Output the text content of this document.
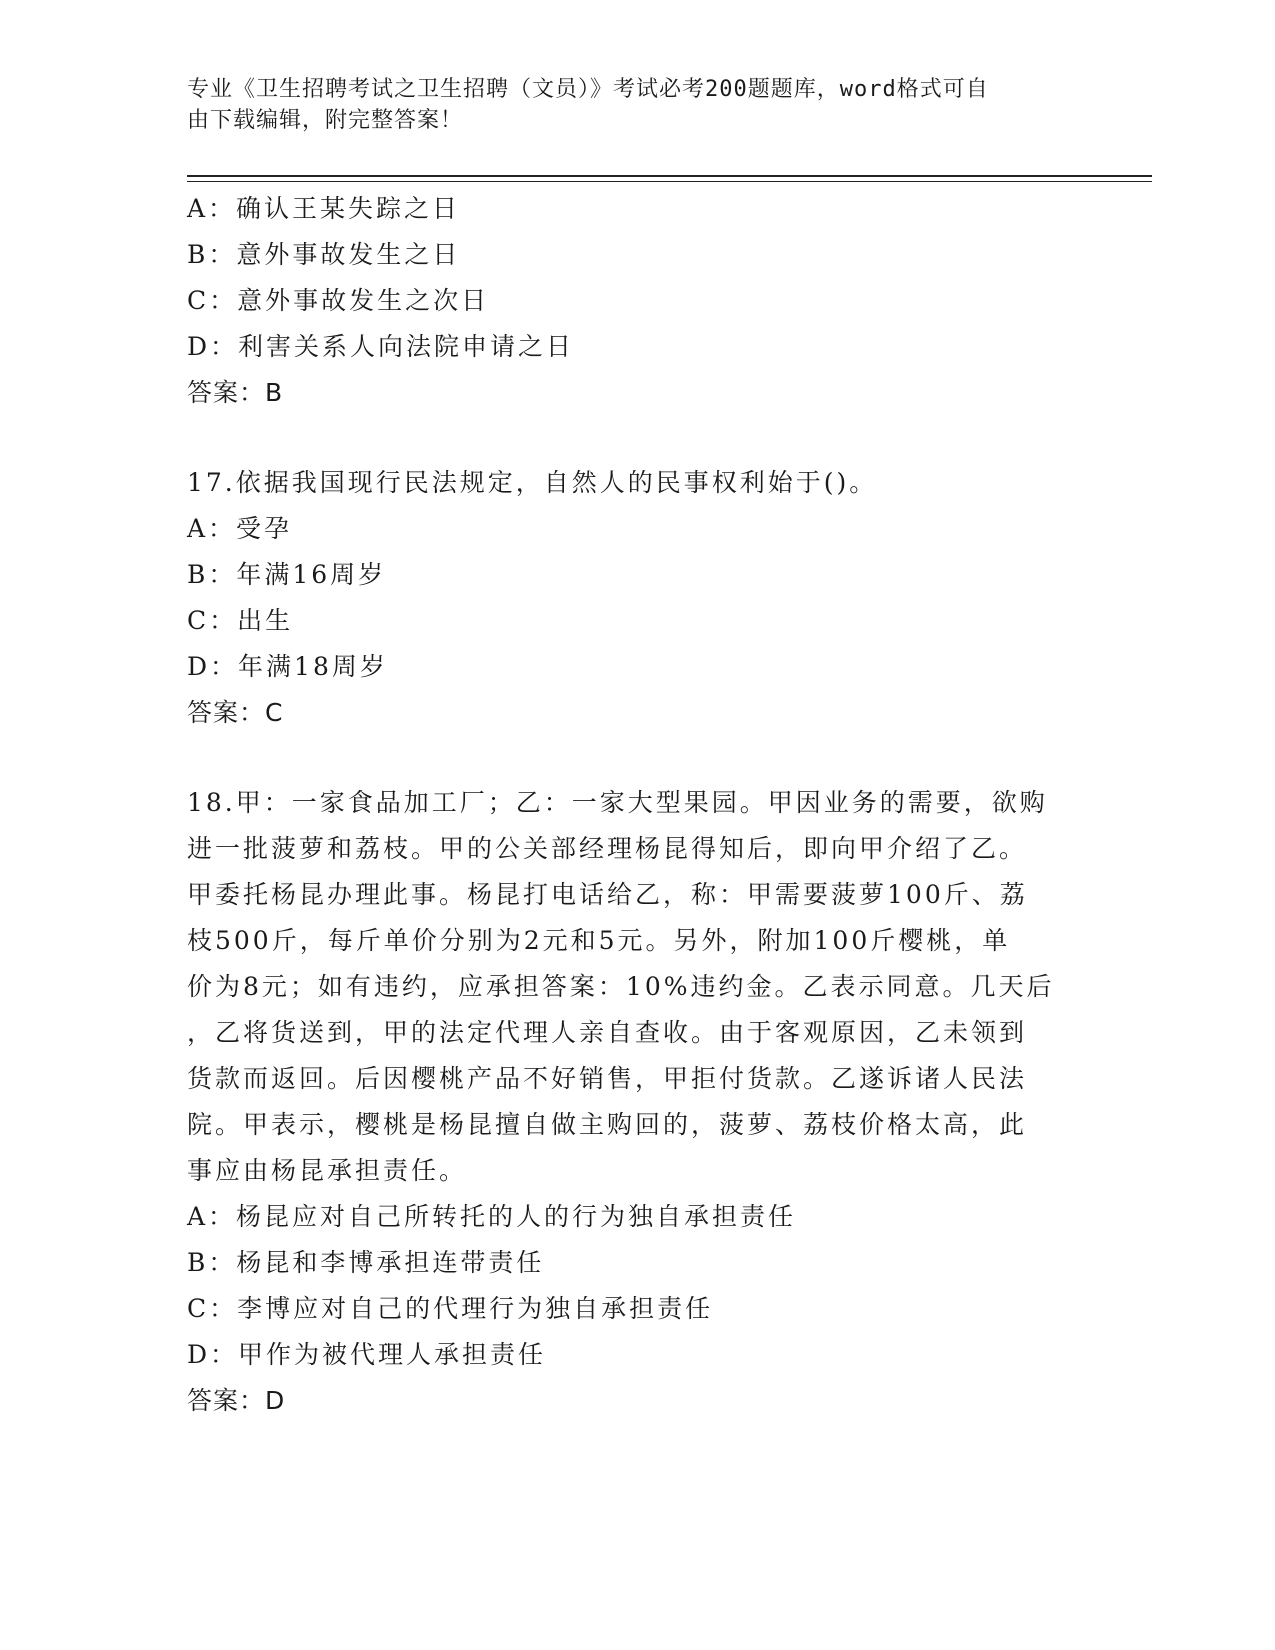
专业《卫生招聘考试之卫生招聘（文员）》考试必考200题题库，word格式可自
由下载编辑，附完整答案！
A：确认王某失踪之日
B：意外事故发生之日
C：意外事故发生之次日
D：利害关系人向法院申请之日
答案：B
17.依据我国现行民法规定，自然人的民事权利始于()。
A：受孕
B：年满16周岁
C：出生
D：年满18周岁
答案：C
18.甲：一家食品加工厂；乙：一家大型果园。甲因业务的需要，欲购
进一批菠萝和荔枝。甲的公关部经理杨昆得知后，即向甲介绍了乙。
甲委托杨昆办理此事。杨昆打电话给乙，称：甲需要菠萝100斤、荔
枝500斤，每斤单价分别为2元和5元。另外，附加100斤樱桃，单
价为8元；如有违约，应承担答案：10%违约金。乙表示同意。几天后
，乙将货送到，甲的法定代理人亲自查收。由于客观原因，乙未领到
货款而返回。后因樱桃产品不好销售，甲拒付货款。乙遂诉诸人民法
院。甲表示，樱桃是杨昆擅自做主购回的，菠萝、荔枝价格太高，此
事应由杨昆承担责任。
A：杨昆应对自己所转托的人的行为独自承担责任
B：杨昆和李博承担连带责任
C：李博应对自己的代理行为独自承担责任
D：甲作为被代理人承担责任
答案：D
